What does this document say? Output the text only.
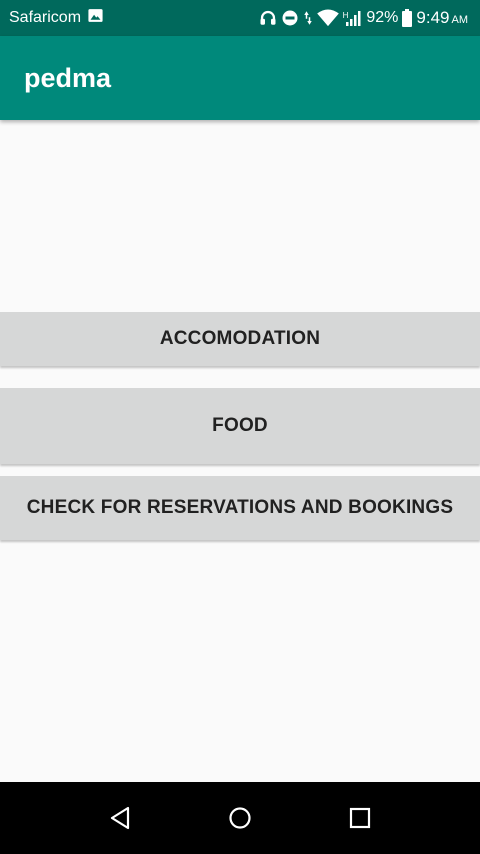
Safaricom	H 92% 9:49 AM
pedma
ACCOMODATION
FOOD
CHECK FOR RESERVATIONS AND BOOKINGS
